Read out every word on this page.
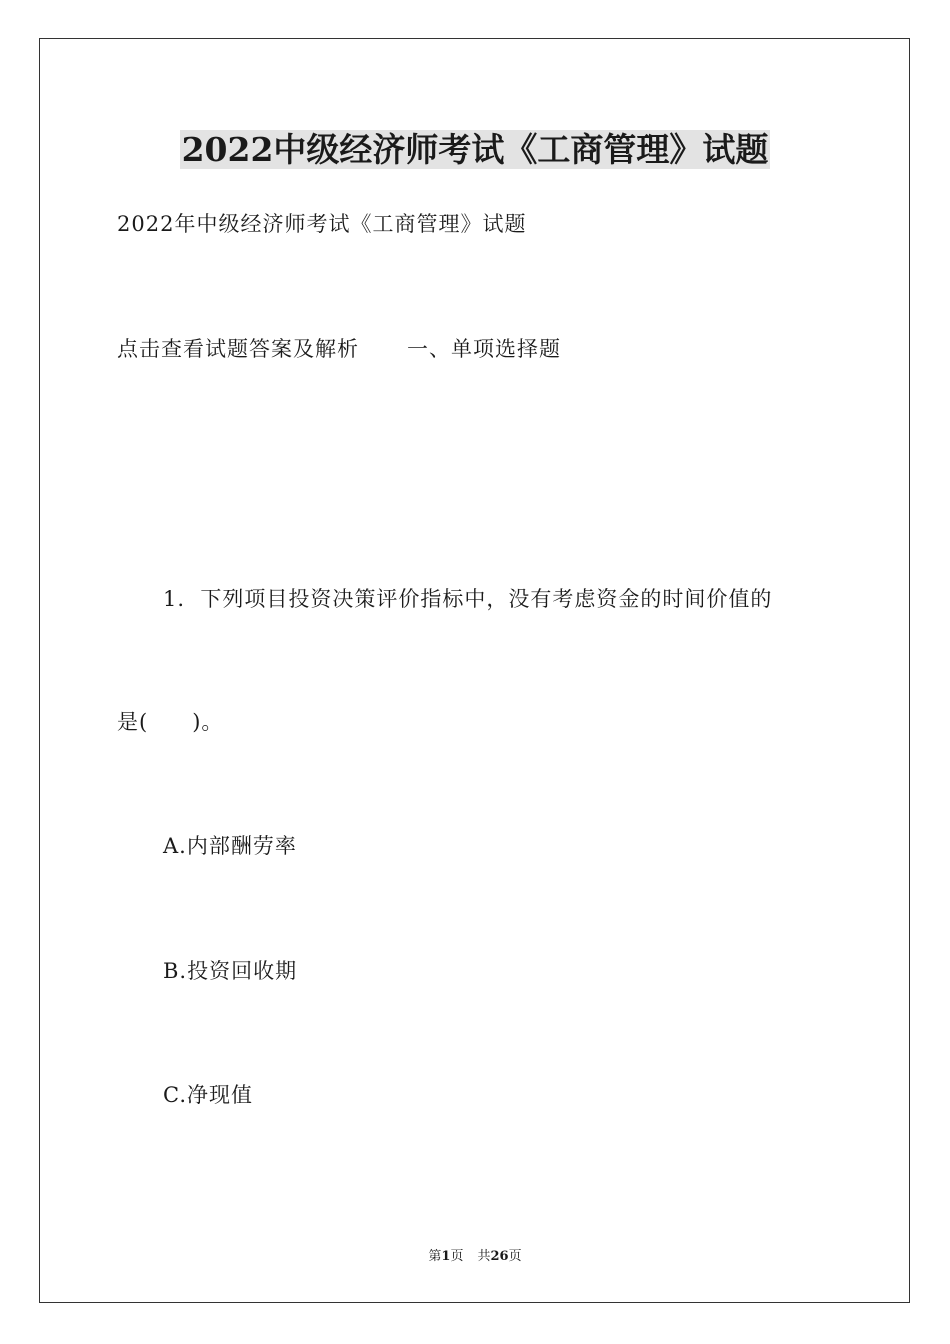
2022中级经济师考试《工商管理》试题
2022年中级经济师考试《工商管理》试题
点击查看试题答案及解析 一、单项选择题
1. 下列项目投资决策评价指标中，没有考虑资金的时间价值的
是(　　)。
A.内部酬劳率
B.投资回收期
C.净现值
第1页 共26页
